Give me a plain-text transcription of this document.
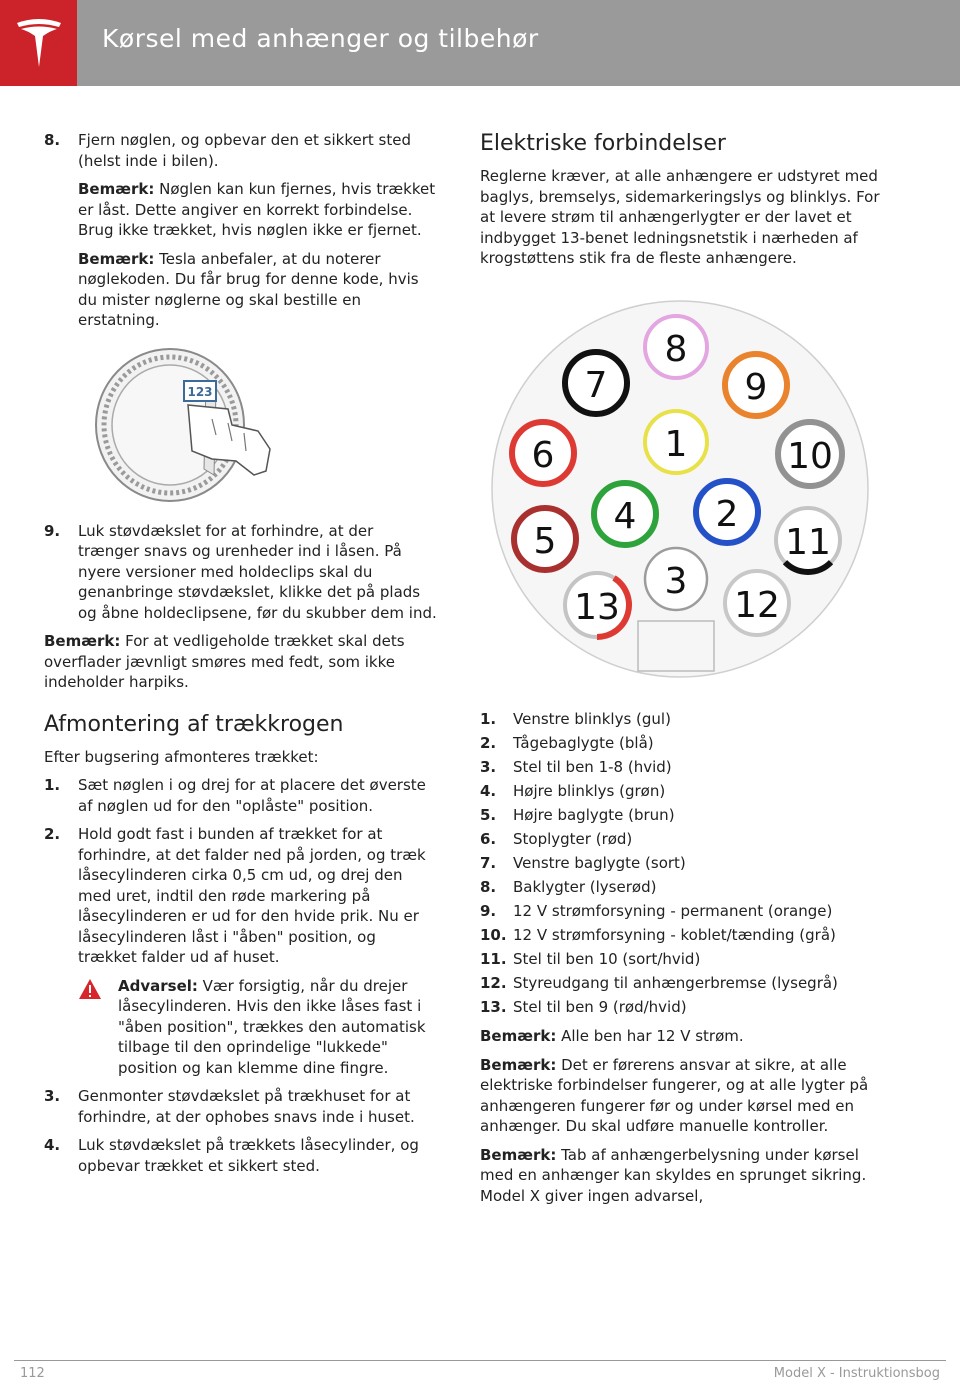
Kørsel med anhænger og tilbehør
8.	Fjern nøglen, og opbevar den et sikkert sted (helst inde i bilen).

Bemærk: Nøglen kan kun fjernes, hvis trækket er låst. Dette angiver en korrekt forbindelse. Brug ikke trækket, hvis nøglen ikke er fjernet.

Bemærk: Tesla anbefaler, at du noterer nøglekoden. Du får brug for denne kode, hvis du mister nøglerne og skal bestille en erstatning.

123
9.	Luk støvdækslet for at forhindre, at der trænger snavs og urenheder ind i låsen. På nyere versioner med holdeclips skal du genanbringe støvdækslet, klikke det på plads og åbne holdeclipsene, før du skubber dem ind.

Bemærk: For at vedligeholde trækket skal dets overflader jævnligt smøres med fedt, som ikke indeholder harpiks.

Afmontering af trækkrogen

Efter bugsering afmonteres trækket:

1.	Sæt nøglen i og drej for at placere det øverste af nøglen ud for den "oplåste" position.
2.	Hold godt fast i bunden af trækket for at forhindre, at det falder ned på jorden, og træk låsecylinderen cirka 0,5 cm ud, og drej den med uret, indtil den røde markering på låsecylinderen er ud for den hvide prik. Nu er låsecylinderen låst i "åben" position, og trækket falder ud af huset.

Advarsel: Vær forsigtig, når du drejer låsecylinderen. Hvis den ikke låses fast i "åben position", trækkes den automatisk tilbage til den oprindelige "lukkede" position og kan klemme dine fingre.

3.	Genmonter støvdækslet på trækhuset for at forhindre, at der ophobes snavs inde i huset.
4.	Luk støvdækslet på trækkets låsecylinder, og opbevar trækket et sikkert sted.
Elektriske forbindelser

Reglerne kræver, at alle anhængere er udstyret med baglys, bremselys, sidemarkeringslys og blinklys. For at levere strøm til anhængerlygter er der lavet et indbygget 13-benet ledningsnetstik i nærheden af krogstøttens stik fra de fleste anhængere.

8
7	9
1
6	10
4 2
5	11
3
13	12
1.	Venstre blinklys (gul)
2.	Tågebaglygte (blå)
3.	Stel til ben 1-8 (hvid)
4.	Højre blinklys (grøn)
5.	Højre baglygte (brun)
6.	Stoplygter (rød)
7.	Venstre baglygte (sort)
8.	Baklygter (lyserød)
9.	12 V strømforsyning - permanent (orange)
10. 12 V strømforsyning - koblet/tænding (grå)
11. Stel til ben 10 (sort/hvid)
12. Styreudgang til anhængerbremse (lysegrå)
13. Stel til ben 9 (rød/hvid)

Bemærk: Alle ben har 12 V strøm.

Bemærk: Det er førerens ansvar at sikre, at alle elektriske forbindelser fungerer, og at alle lygter på anhængeren fungerer før og under kørsel med en anhænger. Du skal udføre manuelle kontroller.

Bemærk: Tab af anhængerbelysning under kørsel med en anhænger kan skyldes en sprunget sikring. Model X giver ingen advarsel,

112	Model X - Instruktionsbog
